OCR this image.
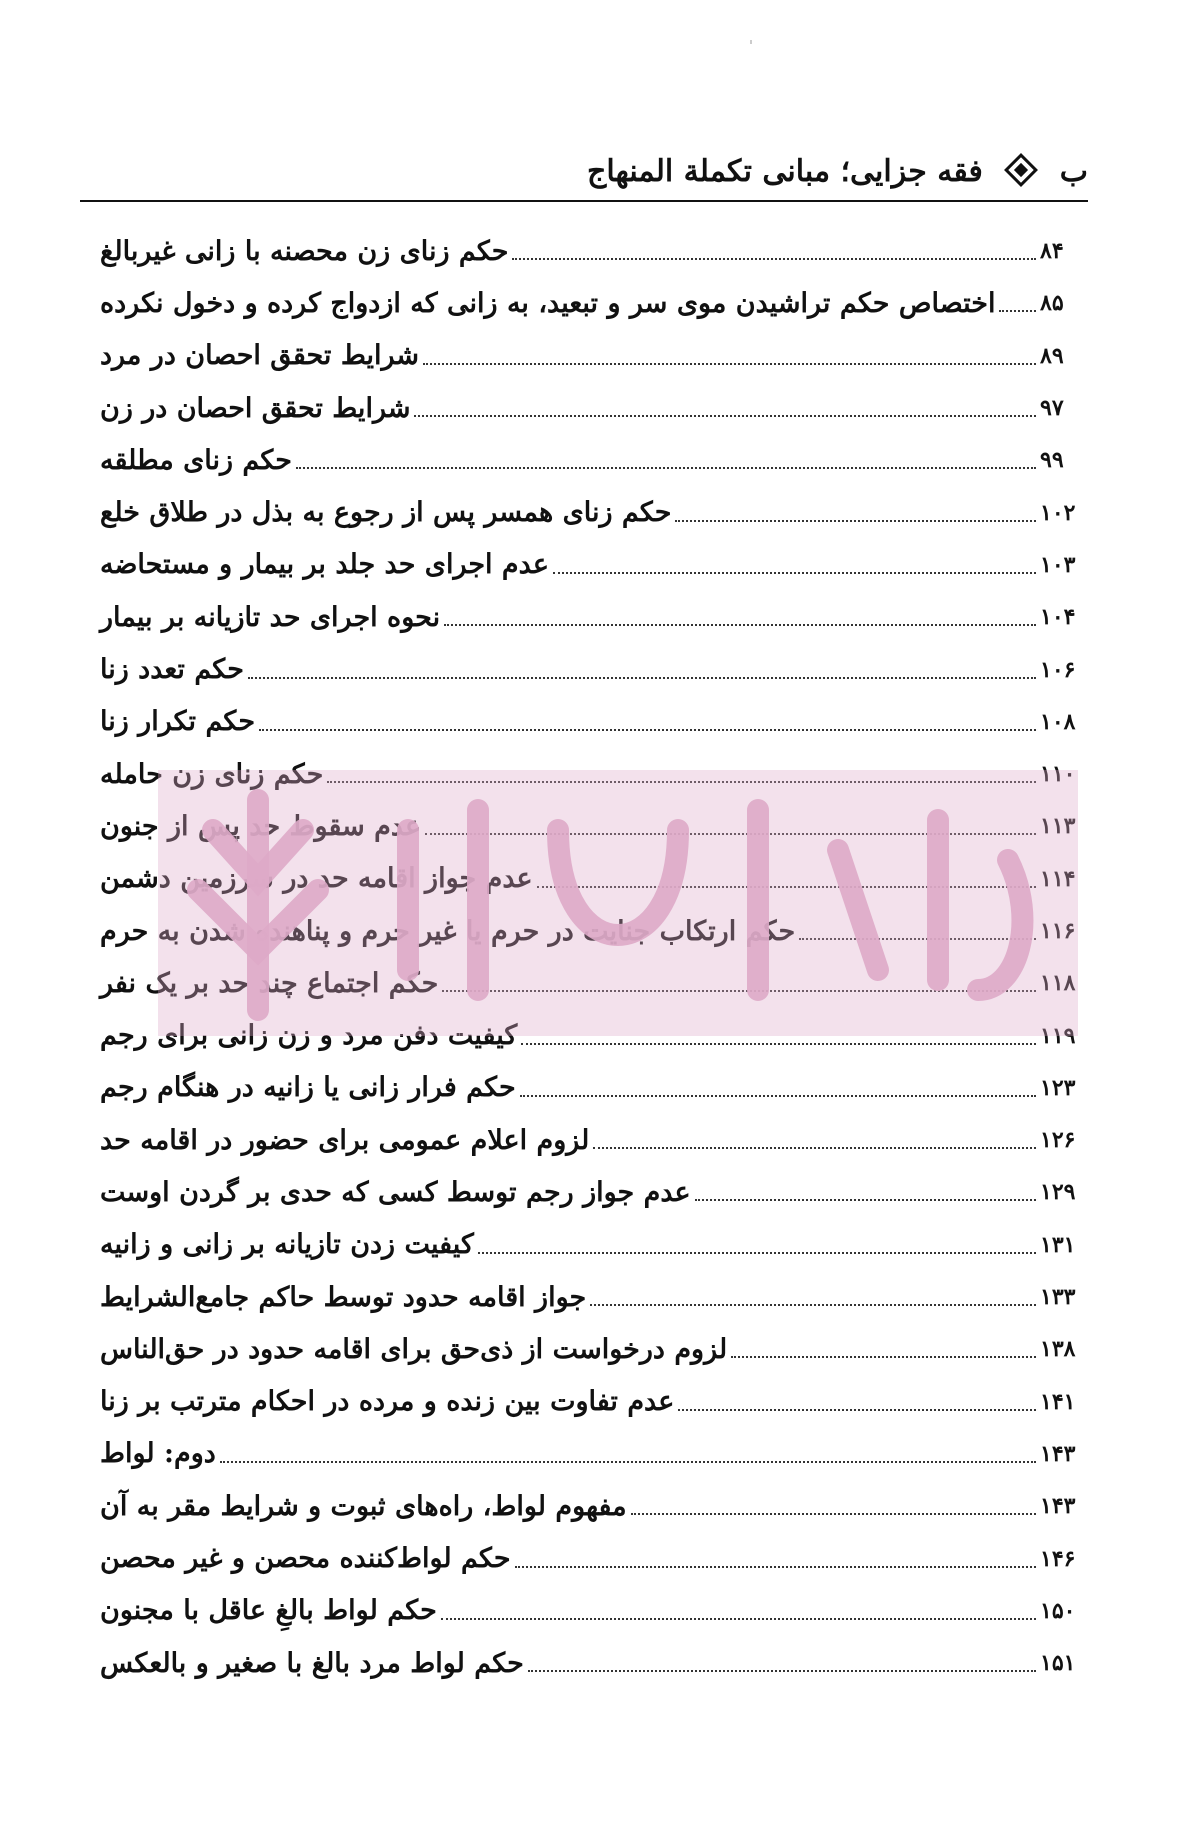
ب  فقه جزایی؛ مبانی تکملة المنهاج
حکم زنای زن محصنه با زانی غیربالغ	۸۴
اختصاص حکم تراشیدن موی سر و تبعید، به زانی که ازدواج کرده و دخول نکرده ۸۵
شرایط تحقق احصان در مرد	۸۹
شرایط تحقق احصان در زن	۹۷
حکم زنای مطلقه	۹۹
حکم زنای همسر پس از رجوع به بذل در طلاق خلع	۱۰۲
عدم اجرای حد جلد بر بیمار و مستحاضه	۱۰۳
نحوه اجرای حد تازیانه بر بیمار	۱۰۴
حکم تعدد زنا	۱۰۶
حکم تکرار زنا	۱۰۸
حکم زنای زن حامله	۱۱۰
عدم سقوط حد پس از جنون	۱۱۳
عدم جواز اقامه حد در سرزمین دشمن	۱۱۴
حکم ارتکاب جنایت در حرم یا غیر حرم و پناهنده شدن به حرم	۱۱۶
حکم اجتماع چند حد بر یک نفر	۱۱۸
کیفیت دفن مرد و زن زانی برای رجم	۱۱۹
حکم فرار زانی یا زانیه در هنگام رجم	۱۲۳
لزوم اعلام عمومی برای حضور در اقامه حد	۱۲۶
عدم جواز رجم توسط کسی که حدی بر گردن اوست	۱۲۹
کیفیت زدن تازیانه بر زانی و زانیه	۱۳۱
جواز اقامه حدود توسط حاکم جامع‌الشرایط	۱۳۳
لزوم درخواست از ذی‌حق برای اقامه حدود در حق‌الناس	۱۳۸
عدم تفاوت بین زنده و مرده در احکام مترتب بر زنا	۱۴۱
دوم: لواط	۱۴۳
مفهوم لواط، راه‌های ثبوت و شرایط مقر به آن	۱۴۳
حکم لواط‌کننده محصن و غیر محصن	۱۴۶
حکم لواط بالغِ عاقل با مجنون	۱۵۰
حکم لواط مرد بالغ با صغیر و بالعکس	۱۵۱
